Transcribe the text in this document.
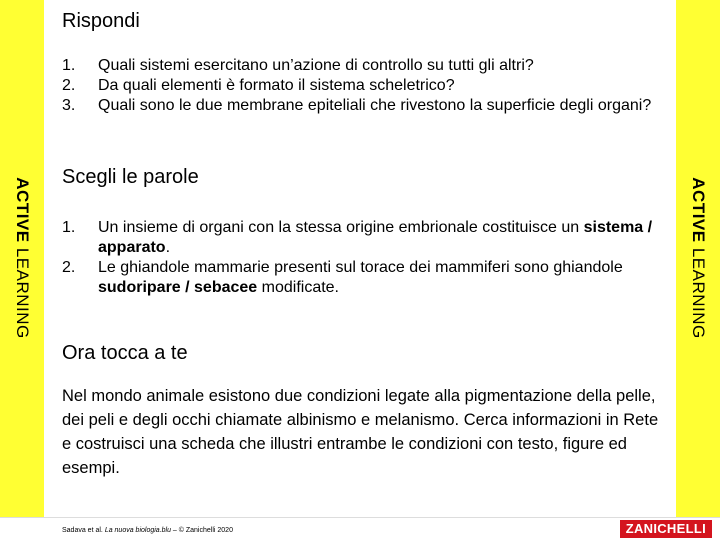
ACTIVE LEARNING
ACTIVE LEARNING
Rispondi
1. Quali sistemi esercitano un’azione di controllo su tutti gli altri?
2. Da quali elementi è formato il sistema scheletrico?
3. Quali sono le due membrane epiteliali che rivestono la superficie degli organi?
Scegli le parole
1. Un insieme di organi con la stessa origine embrionale costituisce un sistema / apparato.
2. Le ghiandole mammarie presenti sul torace dei mammiferi sono ghiandole sudoripare / sebacee modificate.
Ora tocca a te

Nel mondo animale esistono due condizioni legate alla pigmentazione della pelle, dei peli e degli occhi chiamate albinismo e melanismo. Cerca informazioni in Rete e costruisci una scheda che illustri entrambe le condizioni con testo, figure ed esempi.

Sadava et al. La nuova biologia.blu – © Zanichelli 2020	ZANICHELLI
